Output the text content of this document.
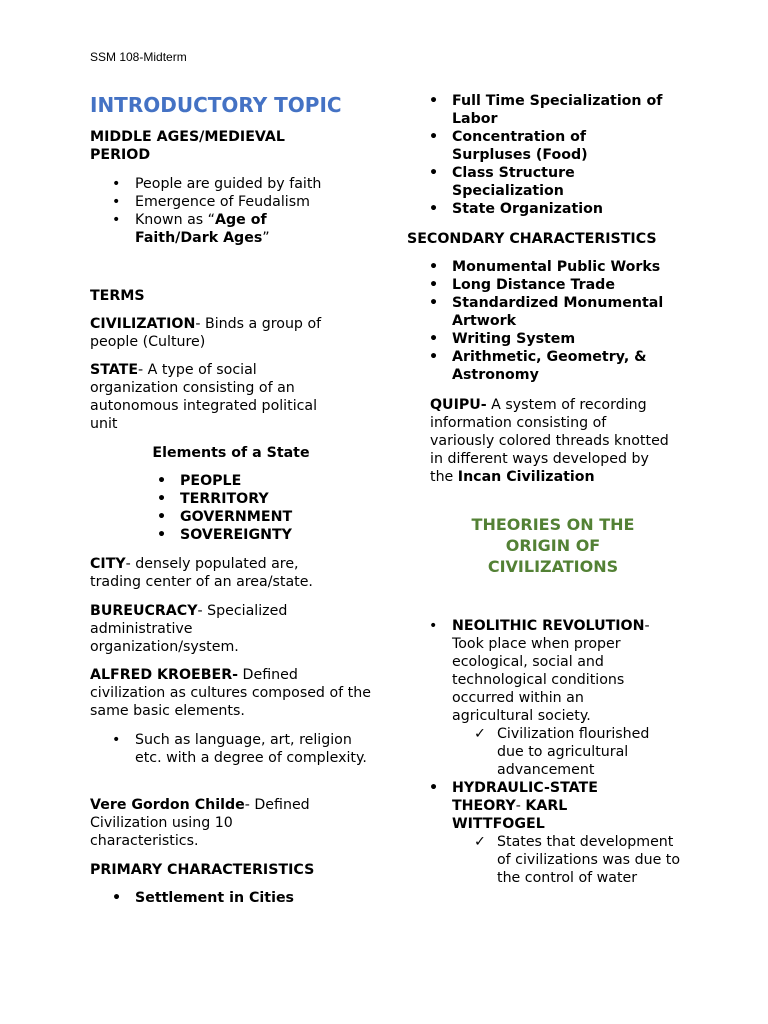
SSM 108-Midterm
INTRODUCTORY TOPIC
MIDDLE AGES/MEDIEVAL PERIOD
• People are guided by faith
• Emergence of Feudalism
• Known as “Age of Faith/Dark Ages”
TERMS
CIVILIZATION- Binds a group of people (Culture)
STATE- A type of social organization consisting of an autonomous integrated political unit
Elements of a State
• PEOPLE
• TERRITORY
• GOVERNMENT
• SOVEREIGNTY
CITY- densely populated are, trading center of an area/state.
BUREUCRACY- Specialized administrative organization/system.
ALFRED KROEBER- Defined civilization as cultures composed of the same basic elements.
• Such as language, art, religion etc. with a degree of complexity.
Vere Gordon Childe- Defined Civilization using 10 characteristics.
PRIMARY CHARACTERISTICS
• Settlement in Cities
• Full Time Specialization of Labor
• Concentration of Surpluses (Food)
• Class Structure Specialization
• State Organization
SECONDARY CHARACTERISTICS
• Monumental Public Works
• Long Distance Trade
• Standardized Monumental Artwork
• Writing System
• Arithmetic, Geometry, & Astronomy
QUIPU- A system of recording information consisting of variously colored threads knotted in different ways developed by the Incan Civilization
THEORIES ON THE ORIGIN OF CIVILIZATIONS
• NEOLITHIC REVOLUTION- Took place when proper ecological, social and technological conditions occurred within an agricultural society.
✓ Civilization flourished due to agricultural advancement
• HYDRAULIC-STATE THEORY- KARL WITTFOGEL
✓ States that development of civilizations was due to the control of water
